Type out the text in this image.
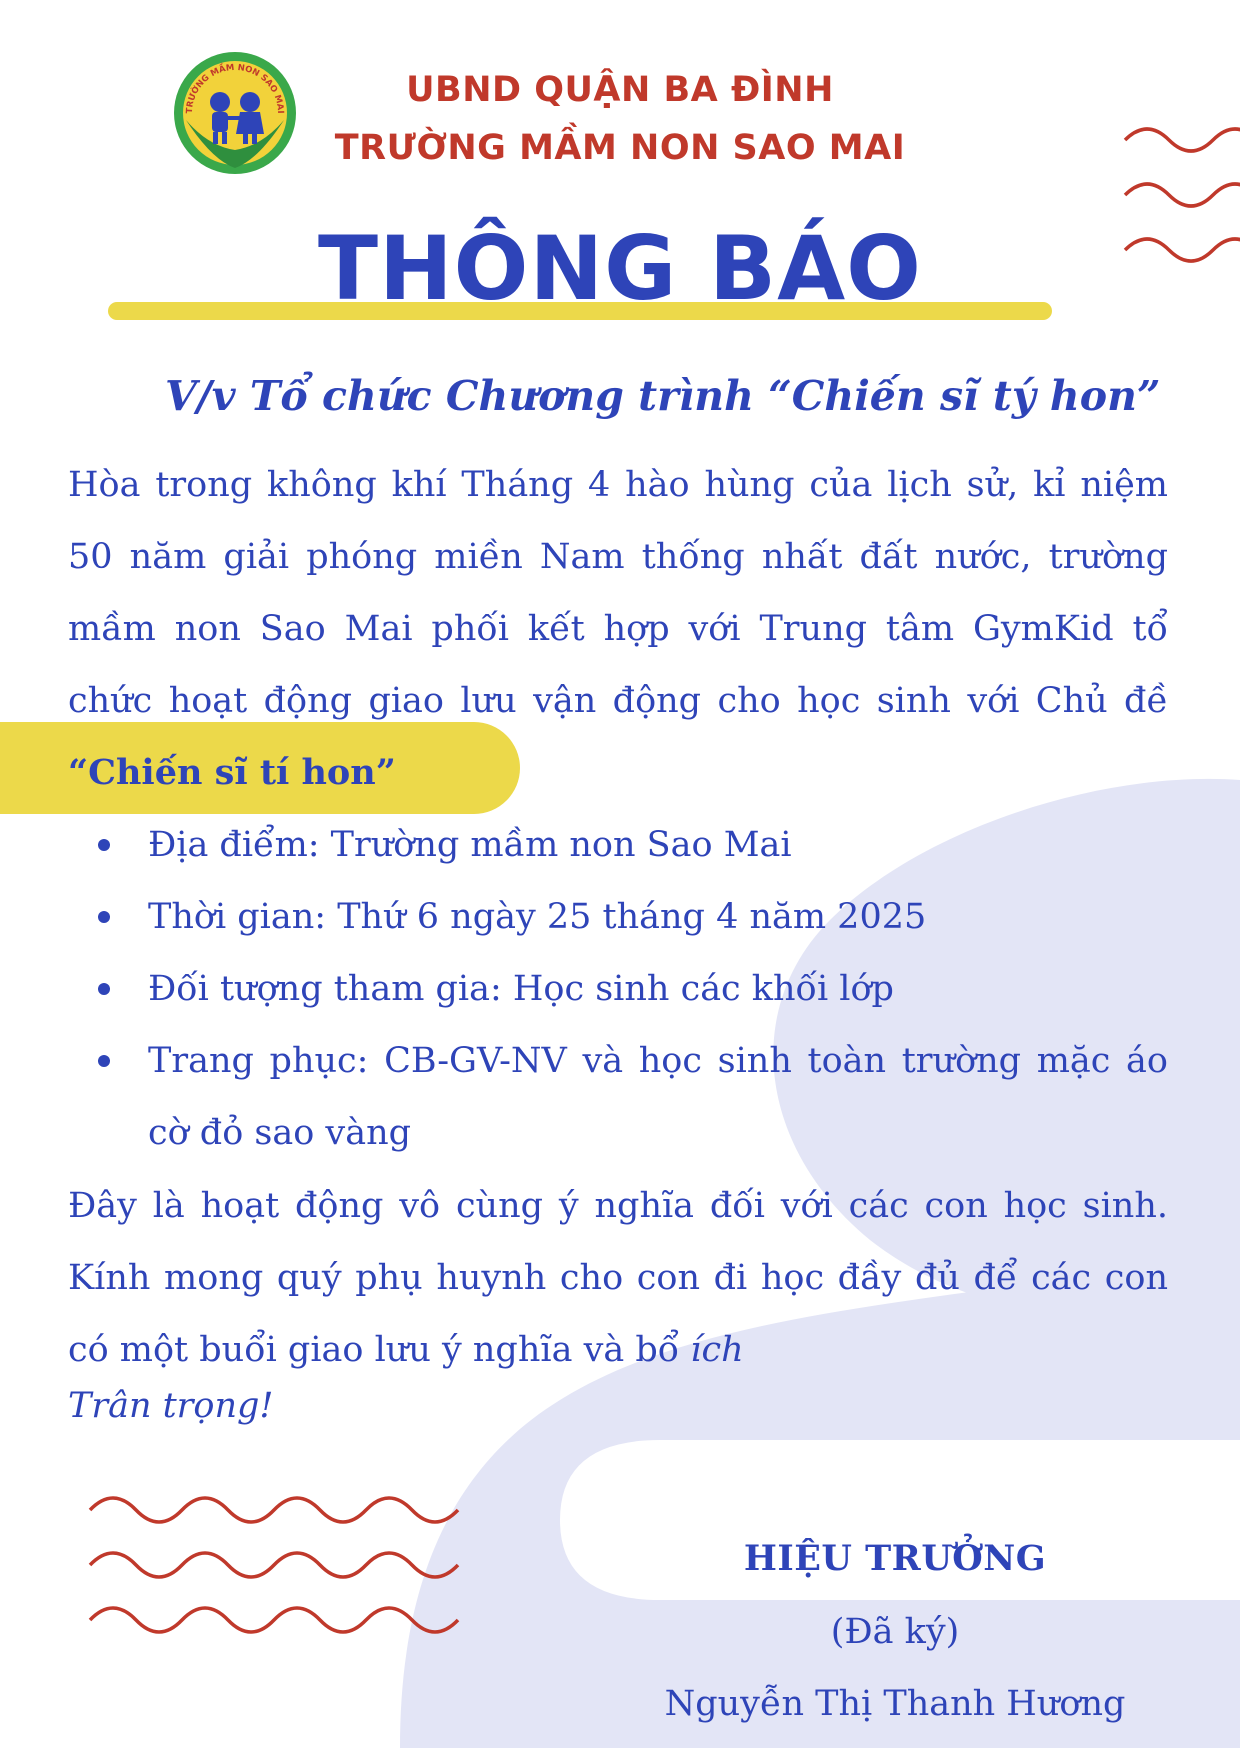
TRƯỜNG MẦM NON SAO MAI
UBND QUẬN BA ĐÌNH
TRƯỜNG MẦM NON SAO MAI
THÔNG BÁO
V/v Tổ chức Chương trình “Chiến sĩ tý hon”
Hòa trong không khí Tháng 4 hào hùng của lịch sử, kỉ niệm 50 năm giải phóng miền Nam thống nhất đất nước, trường mầm non Sao Mai phối kết hợp với Trung tâm GymKid tổ chức hoạt động giao lưu vận động cho học sinh với Chủ đề “Chiến sĩ tí hon”
Địa điểm: Trường mầm non Sao Mai
Thời gian: Thứ 6 ngày 25 tháng 4 năm 2025
Đối tượng tham gia: Học sinh các khối lớp
Trang phục: CB-GV-NV và học sinh toàn trường mặc áo cờ đỏ sao vàng
Đây là hoạt động vô cùng ý nghĩa đối với các con học sinh. Kính mong quý phụ huynh cho con đi học đầy đủ để các con có một buổi giao lưu ý nghĩa và bổ ích
Trân trọng!
HIỆU TRƯỞNG
(Đã ký)
Nguyễn Thị Thanh Hương
